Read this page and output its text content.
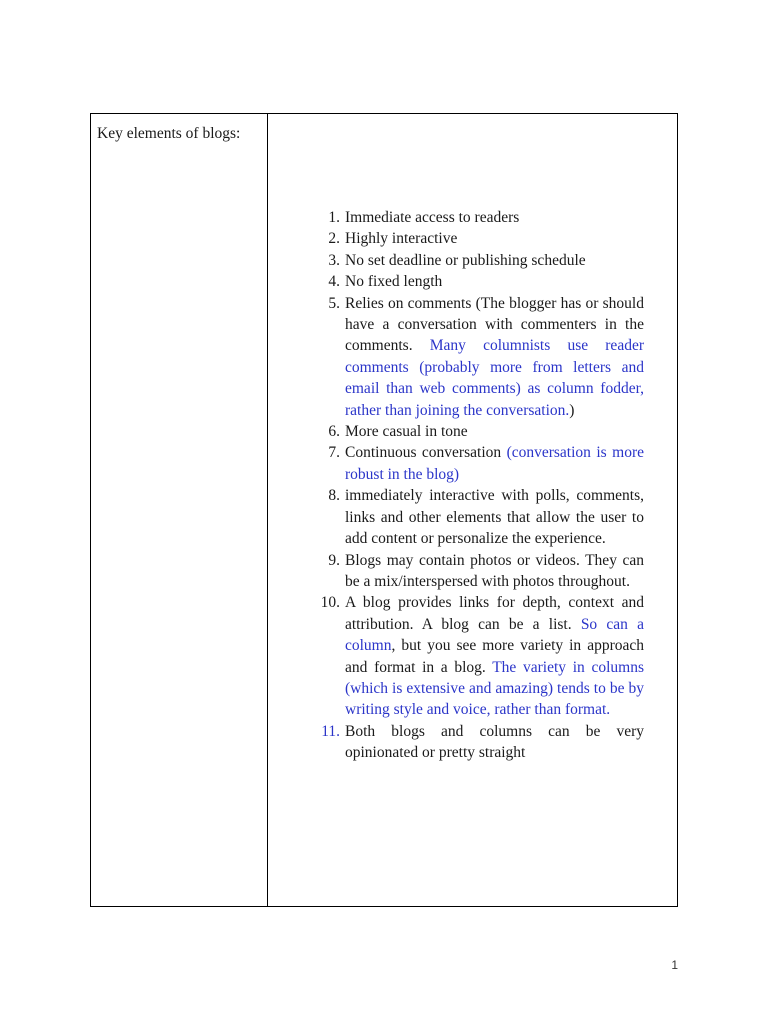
Key elements of blogs:
1. Immediate access to readers
2. Highly interactive
3. No set deadline or publishing schedule
4. No fixed length
5. Relies on comments (The blogger has or should have a conversation with commenters in the comments. Many columnists use reader comments (probably more from letters and email than web comments) as column fodder, rather than joining the conversation.)
6. More casual in tone
7. Continuous conversation (conversation is more robust in the blog)
8. immediately interactive with polls, comments, links and other elements that allow the user to add content or personalize the experience.
9. Blogs may contain photos or videos. They can be a mix/interspersed with photos throughout.
10. A blog provides links for depth, context and attribution. A blog can be a list. So can a column, but you see more variety in approach and format in a blog. The variety in columns (which is extensive and amazing) tends to be by writing style and voice, rather than format.
11. Both blogs and columns can be very opinionated or pretty straight
1
